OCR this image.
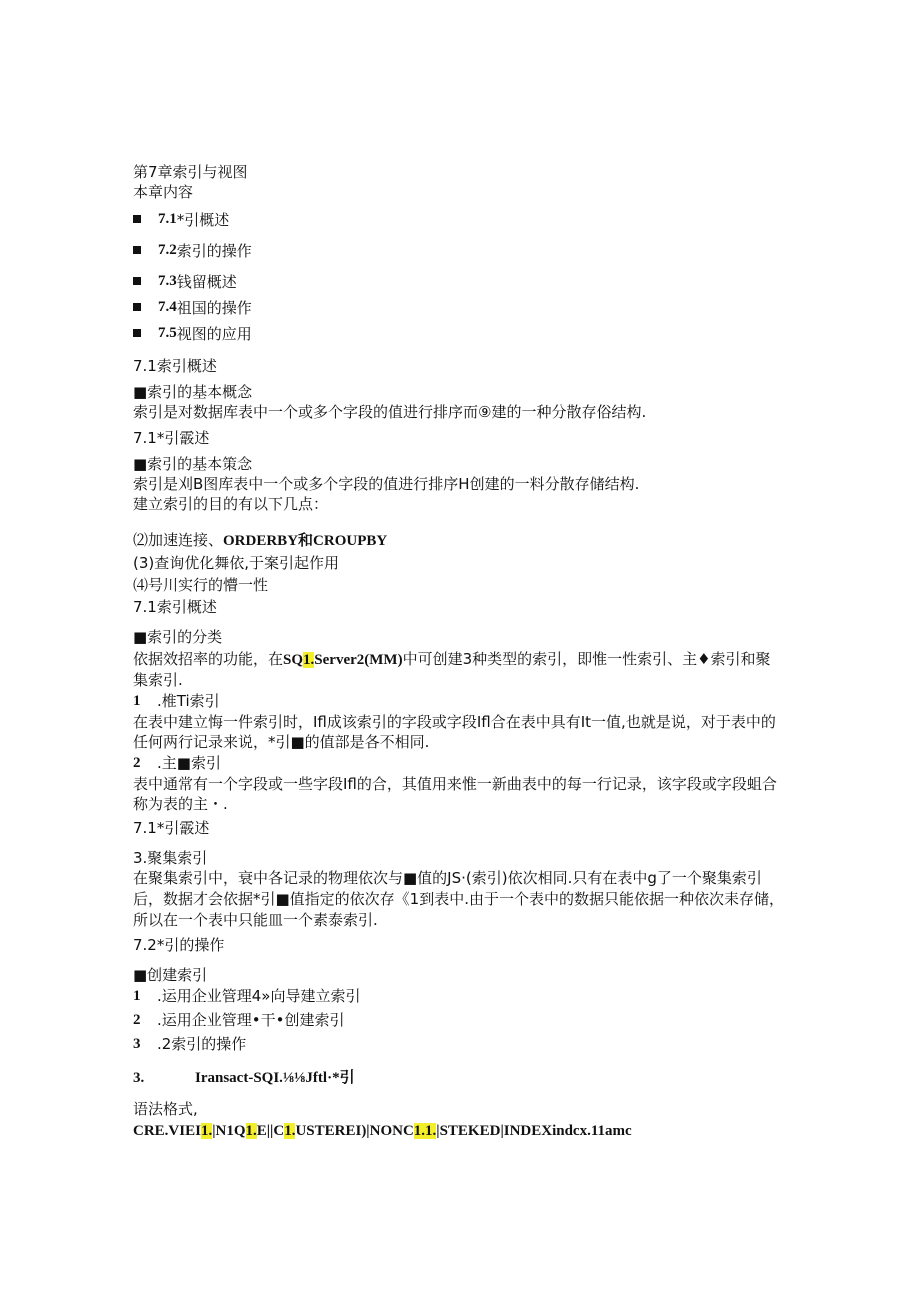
第7章索引与视图

本章内容

7.1 *引概述
7.2 索引的操作
7.3 钱留概述
7.4 祖国的操作
7.5 视图的应用

7.1索引概述

■索引的基本概念

索引是对数据库表中一个或多个字段的值进行排序而⑨建的一种分散存俗结构.

7.1*引霰述

■索引的基本策念

索引是刈B图库表中一个或多个字段的值进行排序H创建的一料分散存储结构.

建立索引的目的有以下几点：

⑵加速连接、ORDERBY和CROUPBY

(3)查询优化舞依,于案引起作用

⑷号川实行的懵一性

7.1索引概述

■索引的分类

依据效招率的功能，在SQ1.Server2(MM)中可创建3种类型的索引，即惟一性索引、主♦索引和聚集索引.

1	.椎Ti索引

在表中建立悔一件索引时，Ifl成该索引的字段或字段Ifl合在表中具有It一值,也就是说，对于表中的任何两行记录来说，*引■的值部是各不相同.

2	.主■索引

表中通常有一个字段或一些字段Ifl的合，其值用来惟一新曲表中的每一行记录，该字段或字段蛆合称为表的主・.

7.1*引霰述

3.聚集索引

在聚集索引中，衰中各记录的物理依次与■值的JS·(索引)依次相同.只有在表中g了一个聚集索引后，数据才会依据*引■值指定的依次存《1到表中.由于一个表中的数据只能依据一种依次耒存储，所以在一个表中只能皿一个素泰索引.

7.2*引的操作

■创建索引

1	.运用企业管理4»向导建立索引
2	.运用企业管理•干•创建索引
3	.2索引的操作
3.	Iransact-SQI.⅛⅛Jftl·*引

语法格式,

CRE.VIEI1.|N1Q1.E||C1.USTEREI)|NONC1.1.|STEKED|INDEXindcx.11amc
